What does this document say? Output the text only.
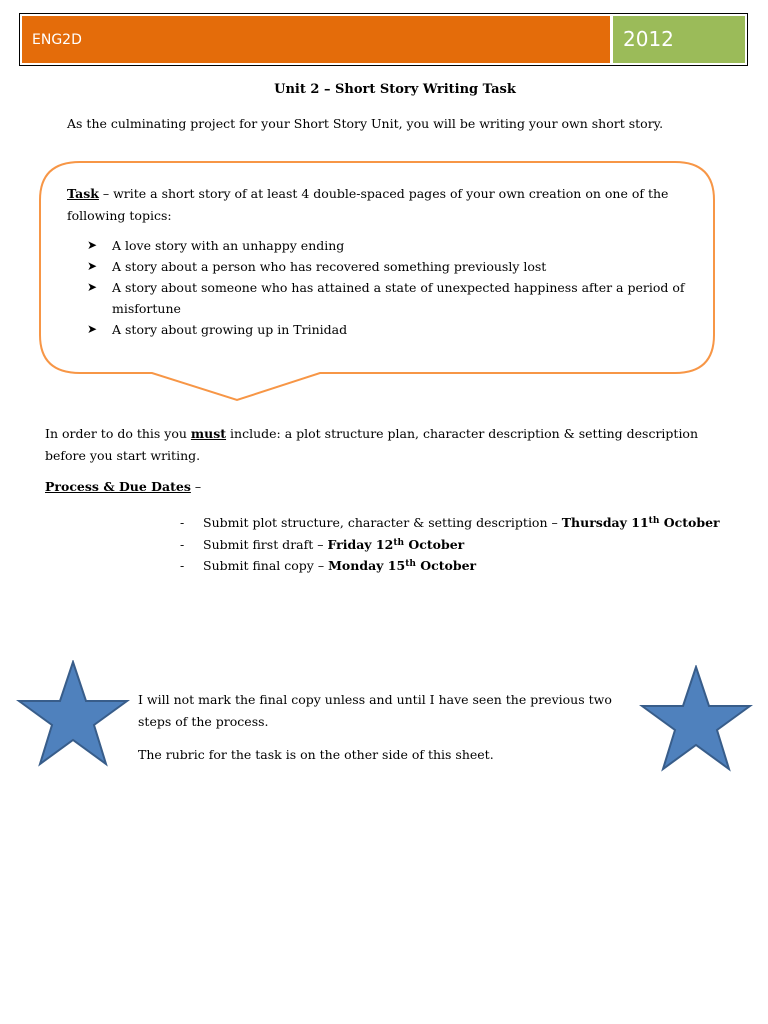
ENG2D	2012
Unit 2 – Short Story Writing Task
As the culminating project for your Short Story Unit, you will be writing your own short story.
Task – write a short story of at least 4 double-spaced pages of your own creation on one of the following topics:
➤ A love story with an unhappy ending
➤ A story about a person who has recovered something previously lost
➤ A story about someone who has attained a state of unexpected happiness after a period of misfortune
➤ A story about growing up in Trinidad
In order to do this you must include: a plot structure plan, character description & setting description before you start writing.
Process & Due Dates –
- Submit plot structure, character & setting description – Thursday 11th October
- Submit first draft – Friday 12th October
- Submit final copy – Monday 15th October

I will not mark the final copy unless and until I have seen the previous two steps of the process.

The rubric for the task is on the other side of this sheet.
